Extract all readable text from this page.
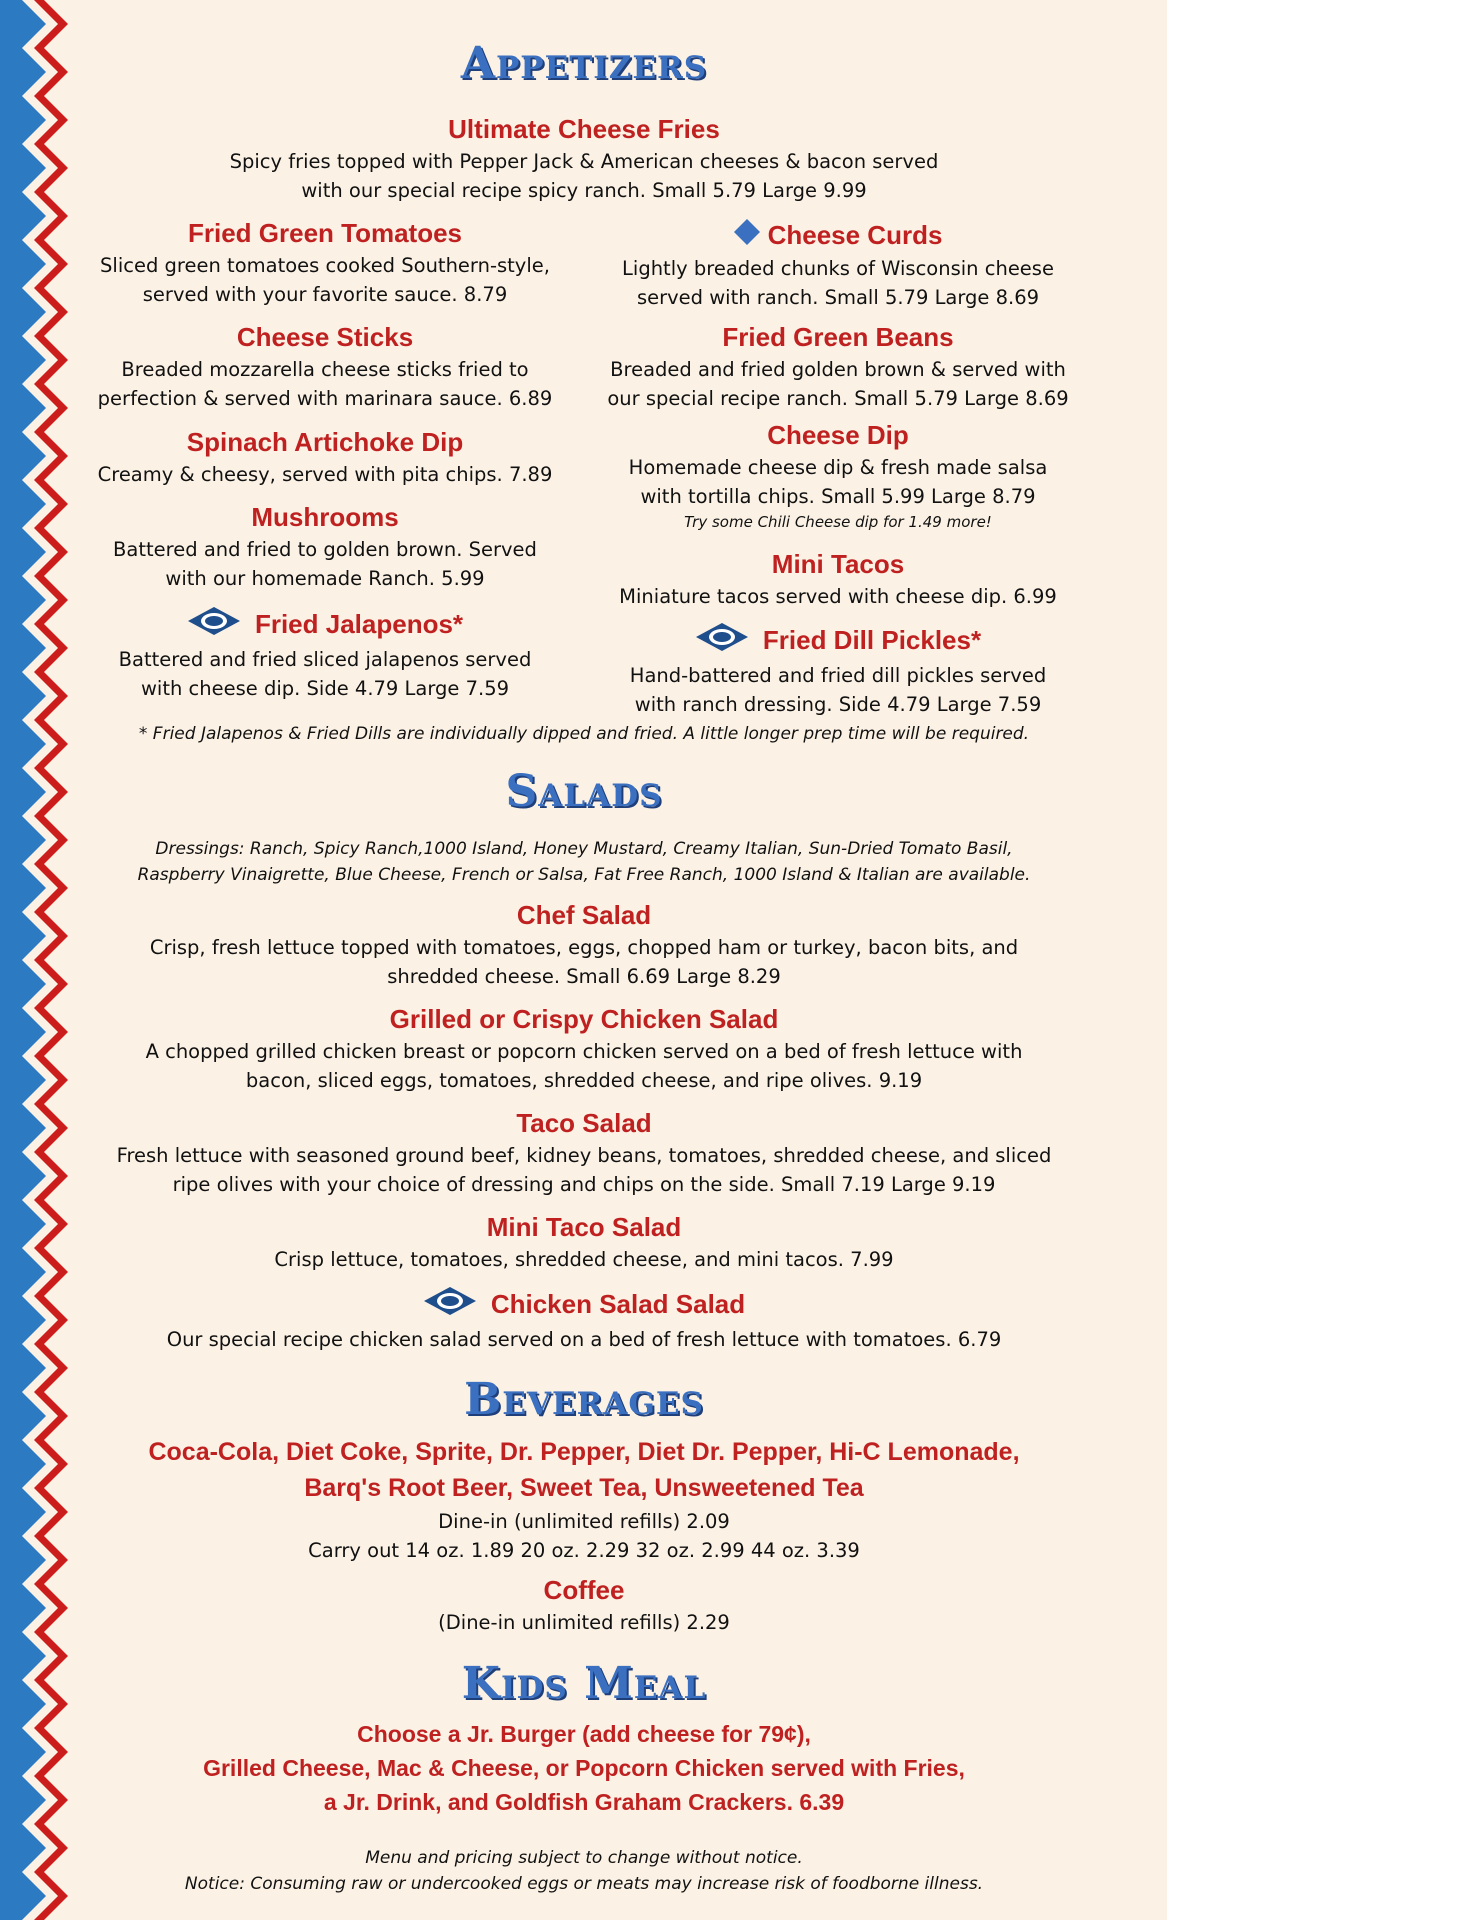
Appetizers
Ultimate Cheese Fries
Spicy fries topped with Pepper Jack & American cheeses & bacon served
with our special recipe spicy ranch. Small 5.79 Large 9.99
Fried Green Tomatoes
Sliced green tomatoes cooked Southern-style,
served with your favorite sauce. 8.79
Cheese Sticks
Breaded mozzarella cheese sticks fried to
perfection & served with marinara sauce. 6.89
Spinach Artichoke Dip
Creamy & cheesy, served with pita chips. 7.89
Mushrooms
Battered and fried to golden brown. Served
with our homemade Ranch. 5.99
Fried Jalapenos*
Battered and fried sliced jalapenos served
with cheese dip. Side 4.79 Large 7.59
Cheese Curds
Lightly breaded chunks of Wisconsin cheese
served with ranch. Small 5.79 Large 8.69
Fried Green Beans
Breaded and fried golden brown & served with
our special recipe ranch. Small 5.79 Large 8.69
Cheese Dip
Homemade cheese dip & fresh made salsa
with tortilla chips. Small 5.99 Large 8.79
Try some Chili Cheese dip for 1.49 more!
Mini Tacos
Miniature tacos served with cheese dip. 6.99
Fried Dill Pickles*
Hand-battered and fried dill pickles served
with ranch dressing. Side 4.79 Large 7.59
* Fried Jalapenos & Fried Dills are individually dipped and fried. A little longer prep time will be required.
Salads
Dressings: Ranch, Spicy Ranch,1000 Island, Honey Mustard, Creamy Italian, Sun-Dried Tomato Basil,
Raspberry Vinaigrette, Blue Cheese, French or Salsa, Fat Free Ranch, 1000 Island & Italian are available.
Chef Salad
Crisp, fresh lettuce topped with tomatoes, eggs, chopped ham or turkey, bacon bits, and
shredded cheese. Small 6.69 Large 8.29
Grilled or Crispy Chicken Salad
A chopped grilled chicken breast or popcorn chicken served on a bed of fresh lettuce with
bacon, sliced eggs, tomatoes, shredded cheese, and ripe olives. 9.19
Taco Salad
Fresh lettuce with seasoned ground beef, kidney beans, tomatoes, shredded cheese, and sliced
ripe olives with your choice of dressing and chips on the side. Small 7.19 Large 9.19
Mini Taco Salad
Crisp lettuce, tomatoes, shredded cheese, and mini tacos. 7.99
Chicken Salad Salad
Our special recipe chicken salad served on a bed of fresh lettuce with tomatoes. 6.79
Beverages
Coca-Cola, Diet Coke, Sprite, Dr. Pepper, Diet Dr. Pepper, Hi-C Lemonade,
Barq's Root Beer, Sweet Tea, Unsweetened Tea
Dine-in (unlimited refills) 2.09
Carry out 14 oz. 1.89 20 oz. 2.29 32 oz. 2.99 44 oz. 3.39
Coffee
(Dine-in unlimited refills) 2.29
Kids Meal
Choose a Jr. Burger (add cheese for 79¢),
Grilled Cheese, Mac & Cheese, or Popcorn Chicken served with Fries,
a Jr. Drink, and Goldfish Graham Crackers. 6.39
Menu and pricing subject to change without notice.
Notice: Consuming raw or undercooked eggs or meats may increase risk of foodborne illness.
